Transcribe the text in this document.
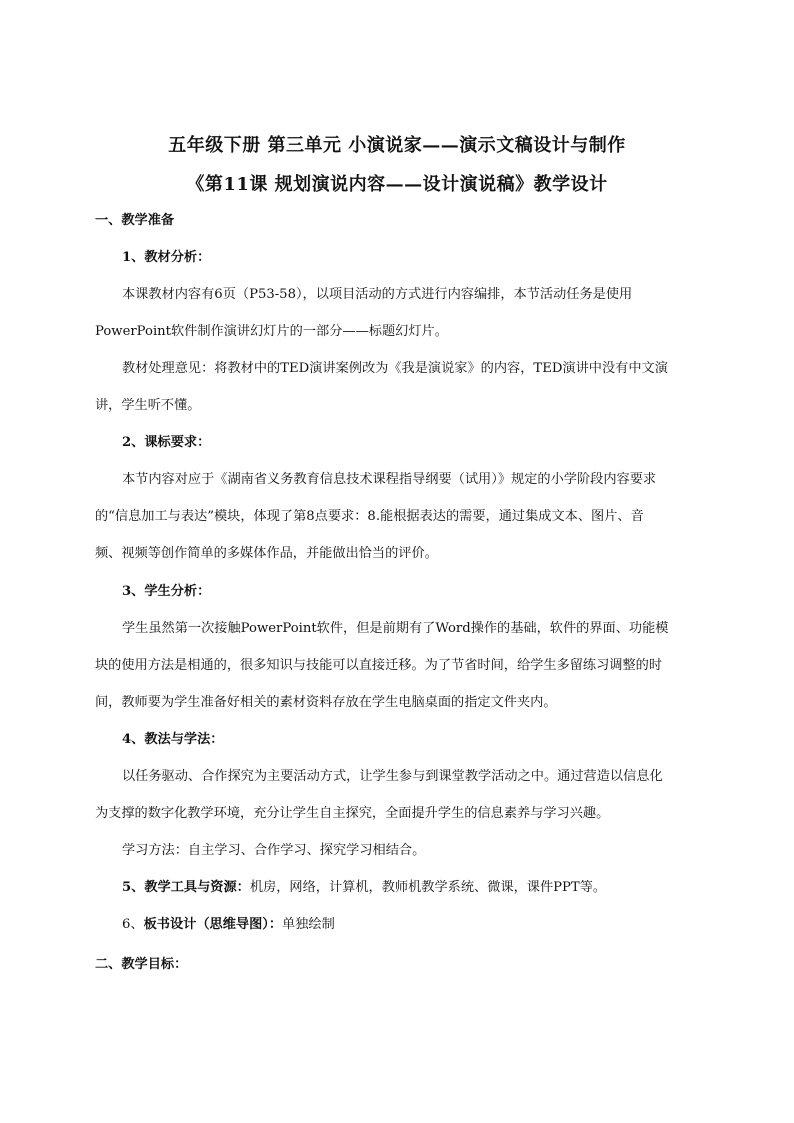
五年级下册 第三单元 小演说家——演示文稿设计与制作
《第11课 规划演说内容——设计演说稿》教学设计
一、教学准备
1、教材分析：
本课教材内容有6页（P53-58），以项目活动的方式进行内容编排，本节活动任务是使用
PowerPoint软件制作演讲幻灯片的一部分——标题幻灯片。
教材处理意见：将教材中的TED演讲案例改为《我是演说家》的内容，TED演讲中没有中文演
讲，学生听不懂。
2、课标要求：
本节内容对应于《湖南省义务教育信息技术课程指导纲要（试用）》规定的小学阶段内容要求
的“信息加工与表达”模块，体现了第8点要求：8.能根据表达的需要，通过集成文本、图片、音
频、视频等创作简单的多媒体作品，并能做出恰当的评价。
3、学生分析：
学生虽然第一次接触PowerPoint软件，但是前期有了Word操作的基础，软件的界面、功能模
块的使用方法是相通的，很多知识与技能可以直接迁移。为了节省时间，给学生多留练习调整的时
间，教师要为学生准备好相关的素材资料存放在学生电脑桌面的指定文件夹内。
4、教法与学法：
以任务驱动、合作探究为主要活动方式，让学生参与到课堂教学活动之中。通过营造以信息化
为支撑的数字化教学环境，充分让学生自主探究，全面提升学生的信息素养与学习兴趣。
学习方法：自主学习、合作学习、探究学习相结合。
5、教学工具与资源：机房，网络，计算机，教师机教学系统、微课，课件PPT等。
6、板书设计（思维导图）：单独绘制
二、教学目标：
